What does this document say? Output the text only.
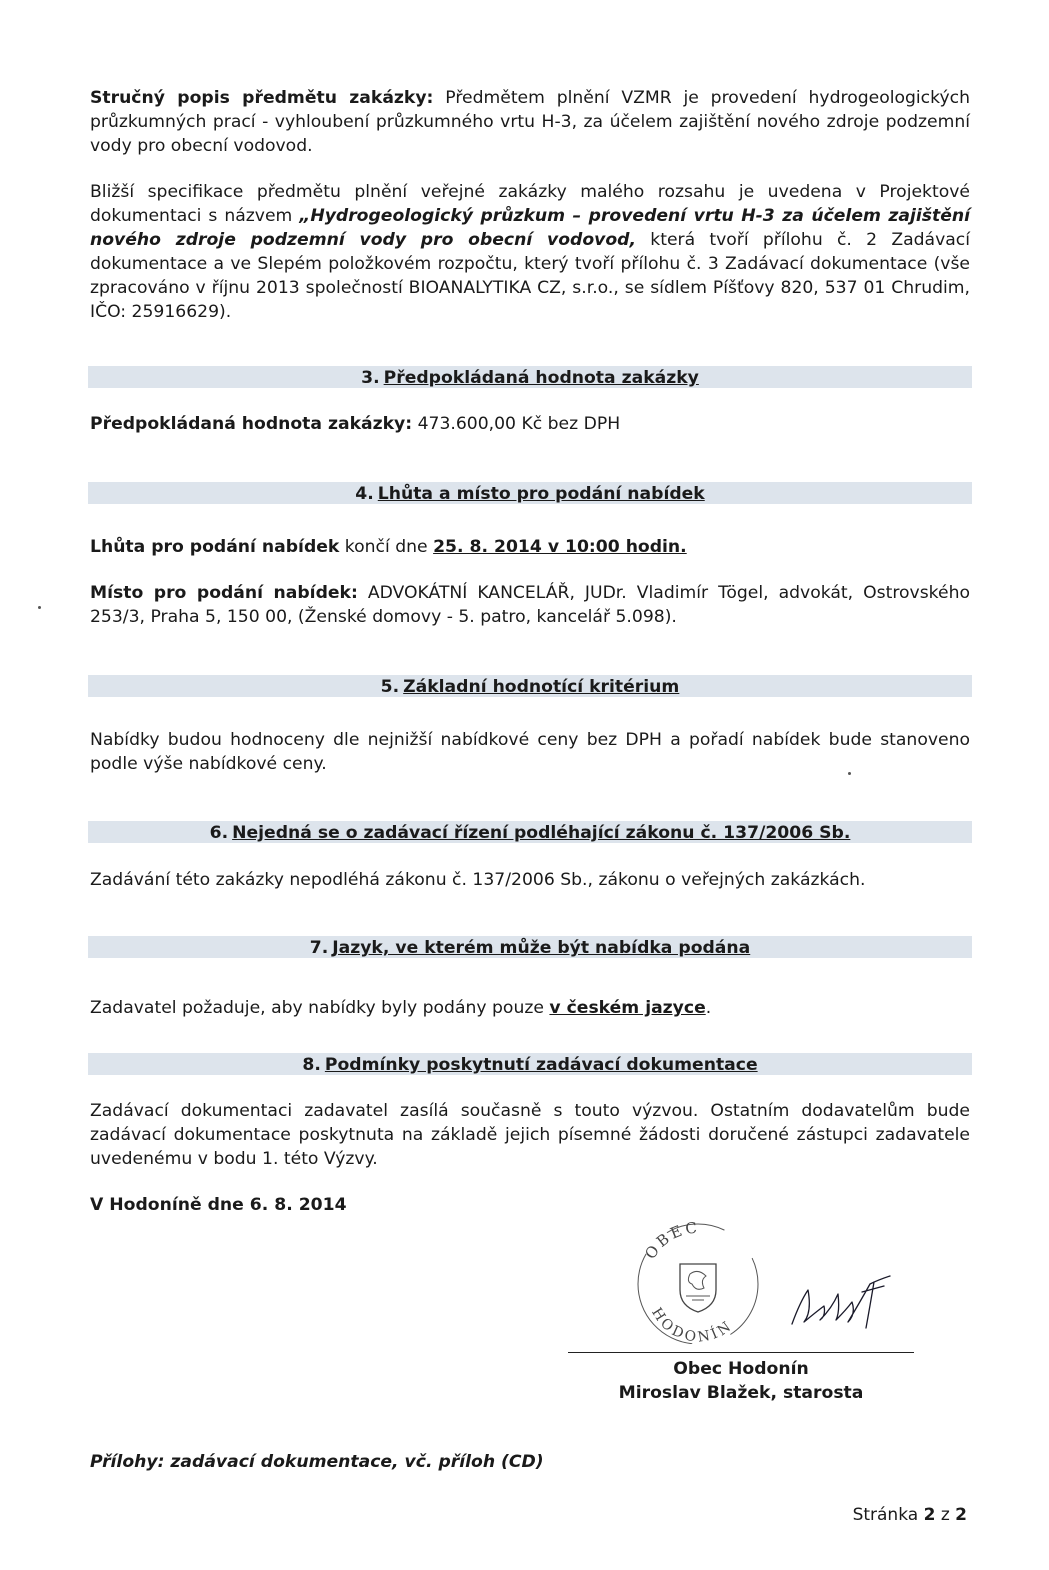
Stručný popis předmětu zakázky: Předmětem plnění VZMR je provedení hydrogeologických průzkumných prací - vyhloubení průzkumného vrtu H-3, za účelem zajištění nového zdroje podzemní vody pro obecní vodovod.

Bližší specifikace předmětu plnění veřejné zakázky malého rozsahu je uvedena v Projektové dokumentaci s názvem „Hydrogeologický průzkum – provedení vrtu H-3 za účelem zajištění nového zdroje podzemní vody pro obecní vodovod, která tvoří přílohu č. 2 Zadávací dokumentace a ve Slepém položkovém rozpočtu, který tvoří přílohu č. 3 Zadávací dokumentace (vše zpracováno v říjnu 2013 společností BIOANALYTIKA CZ, s.r.o., se sídlem Píšťovy 820, 537 01 Chrudim, IČO: 25916629).

3. Předpokládaná hodnota zakázky

Předpokládaná hodnota zakázky: 473.600,00 Kč bez DPH

4. Lhůta a místo pro podání nabídek

Lhůta pro podání nabídek končí dne 25. 8. 2014 v 10:00 hodin.

Místo pro podání nabídek: ADVOKÁTNÍ KANCELÁŘ, JUDr. Vladimír Tögel, advokát, Ostrovského 253/3, Praha 5, 150 00, (Ženské domovy - 5. patro, kancelář 5.098).

5. Základní hodnotící kritérium

Nabídky budou hodnoceny dle nejnižší nabídkové ceny bez DPH a pořadí nabídek bude stanoveno podle výše nabídkové ceny.

6. Nejedná se o zadávací řízení podléhající zákonu č. 137/2006 Sb.

Zadávání této zakázky nepodléhá zákonu č. 137/2006 Sb., zákonu o veřejných zakázkách.

7. Jazyk, ve kterém může být nabídka podána

Zadavatel požaduje, aby nabídky byly podány pouze v českém jazyce.

8. Podmínky poskytnutí zadávací dokumentace

Zadávací dokumentaci zadavatel zasílá současně s touto výzvou. Ostatním dodavatelům bude zadávací dokumentace poskytnuta na základě jejich písemné žádosti doručené zástupci zadavatele uvedenému v bodu 1. této Výzvy.

V Hodoníně dne 6. 8. 2014

OBEC
HODONÍN
Obec Hodonín
Miroslav Blažek, starosta

Přílohy: zadávací dokumentace, vč. příloh (CD)

Stránka 2 z 2
